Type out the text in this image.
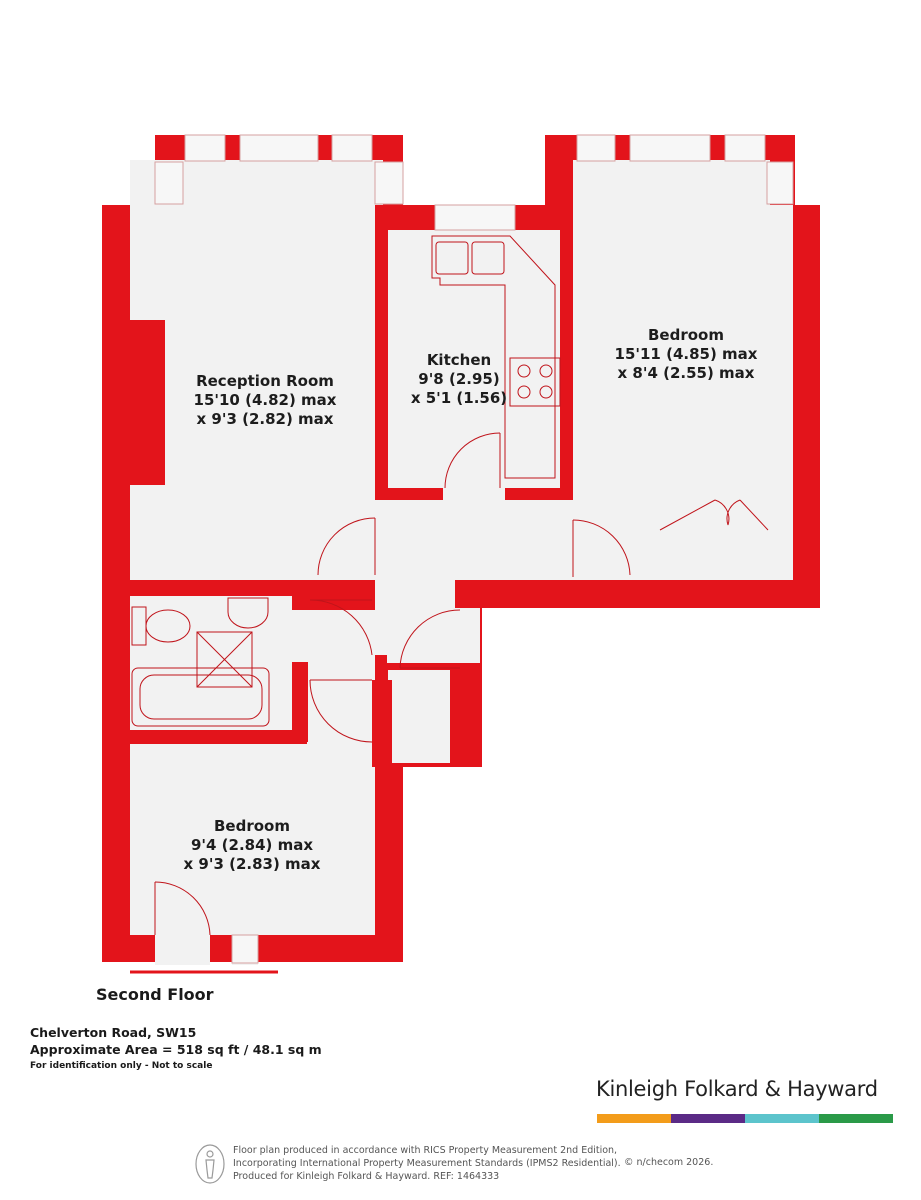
Reception Room
15'10 (4.82) max
x 9'3 (2.82) max
Kitchen
9'8 (2.95)
x 5'1 (1.56)
Bedroom
15'11 (4.85) max
x 8'4 (2.55) max
Bedroom
9'4 (2.84) max
x 9'3 (2.83) max
Second Floor
Chelverton Road, SW15
Approximate Area = 518 sq ft / 48.1 sq m
For identification only - Not to scale
Kinleigh Folkard & Hayward
Floor plan produced in accordance with RICS Property Measurement 2nd Edition,
Incorporating International Property Measurement Standards (IPMS2 Residential).
Produced for Kinleigh Folkard & Hayward. REF: 1464333
© n/checom 2026.
